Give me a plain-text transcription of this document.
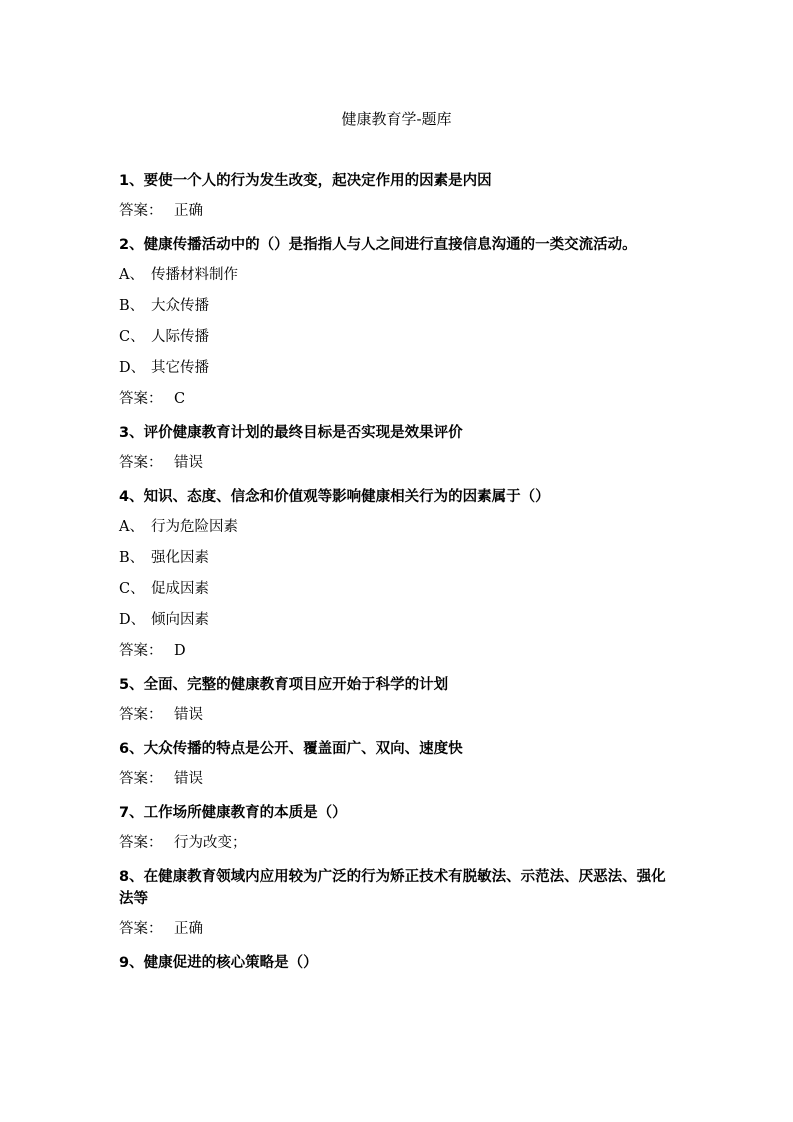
健康教育学-题库

1、要使一个人的行为发生改变，起决定作用的因素是内因

答案： 正确

2、健康传播活动中的（）是指指人与人之间进行直接信息沟通的一类交流活动。

A、 传播材料制作

B、 大众传播

C、 人际传播

D、 其它传播

答案： C

3、评价健康教育计划的最终目标是否实现是效果评价

答案： 错误

4、知识、态度、信念和价值观等影响健康相关行为的因素属于（）

A、 行为危险因素

B、 强化因素

C、 促成因素

D、 倾向因素

答案： D

5、全面、完整的健康教育项目应开始于科学的计划

答案： 错误

6、大众传播的特点是公开、覆盖面广、双向、速度快

答案： 错误

7、工作场所健康教育的本质是（）

答案： 行为改变；

8、在健康教育领域内应用较为广泛的行为矫正技术有脱敏法、示范法、厌恶法、强化法等

答案： 正确

9、健康促进的核心策略是（）
